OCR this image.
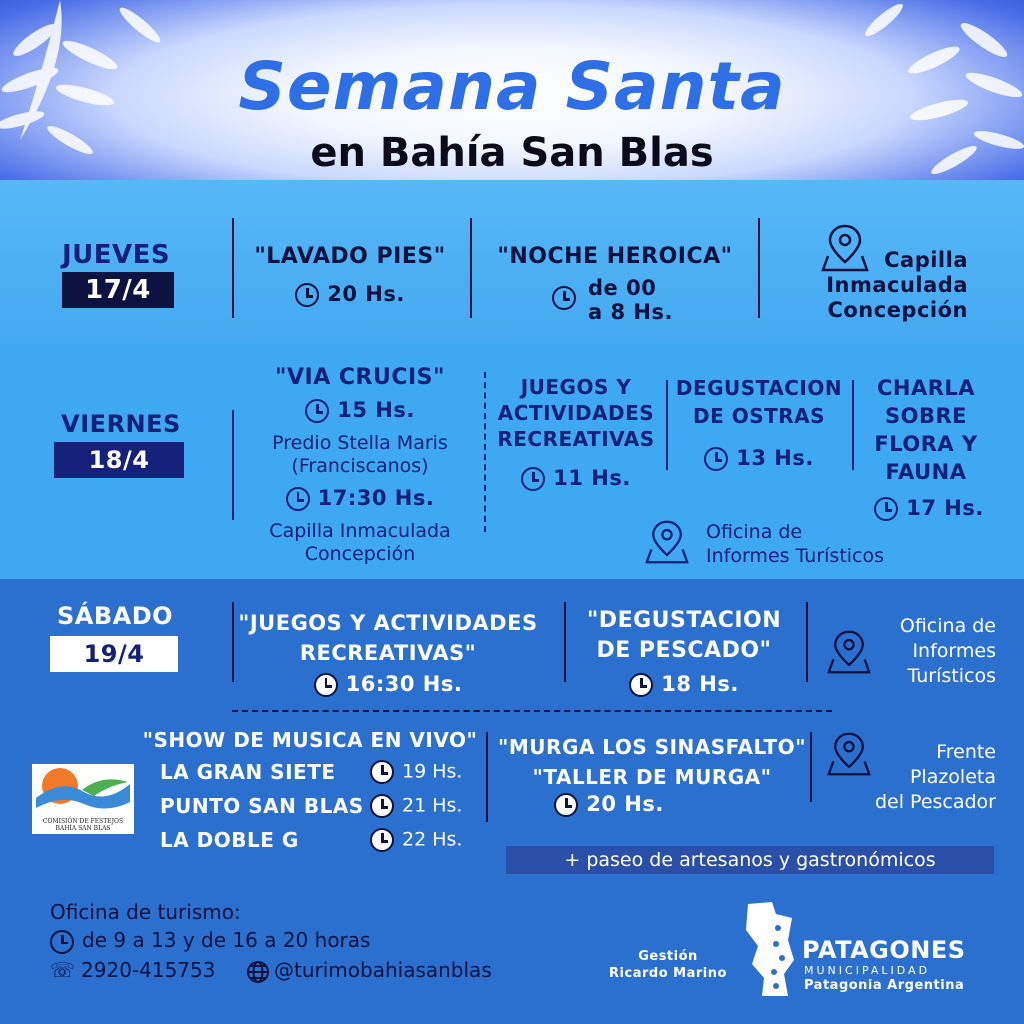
Semana Santa
en Bahía San Blas
JUEVES
17/4
"LAVADO PIES"
20 Hs.
"NOCHE HEROICA"
de 00
a 8 Hs.
Capilla
Inmaculada
Concepción
VIERNES
18/4
"VIA CRUCIS"
15 Hs.
Predio Stella Maris
(Franciscanos)
17:30 Hs.
Capilla Inmaculada
Concepción
JUEGOS Y
ACTIVIDADES
RECREATIVAS
11 Hs.
DEGUSTACION
DE OSTRAS
13 Hs.
CHARLA
SOBRE
FLORA Y
FAUNA
17 Hs.
Oficina de
Informes Turísticos
SÁBADO
19/4
"JUEGOS Y ACTIVIDADES
RECREATIVAS"
16:30 Hs.
"DEGUSTACION
DE PESCADO"
18 Hs.
Oficina de
Informes
Turísticos
"SHOW DE MUSICA EN VIVO"
LA GRAN SIETE	19 Hs.
PUNTO SAN BLAS	21 Hs.
LA DOBLE G	22 Hs.
COMISIÓN DE FESTEJOS
BAHÍA SAN BLAS
"MURGA LOS SINASFALTO"
"TALLER DE MURGA"
20 Hs.
Frente
Plazoleta
del Pescador
+ paseo de artesanos y gastronómicos
Oficina de turismo:
de 9 a 13 y de 16 a 20 horas
☏ 2920-415753	@turimobahiasanblas
Gestión
Ricardo Marino
PATAGONES
MUNICIPALIDAD
Patagonia Argentina
